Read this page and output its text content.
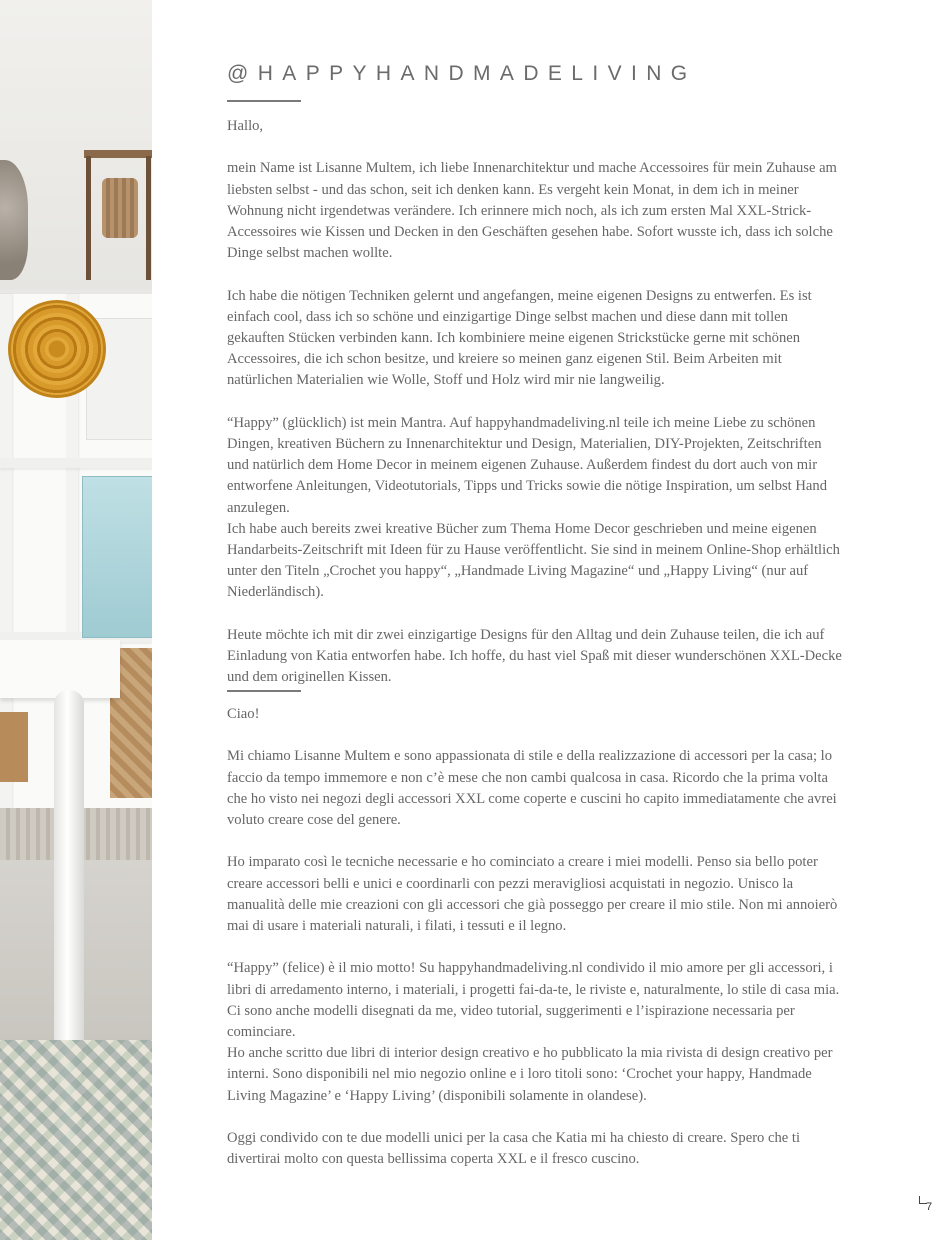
@HAPPYHANDMADELIVING

Hallo,

mein Name ist Lisanne Multem, ich liebe Innenarchitektur und mache Accessoires für mein Zuhause am liebsten selbst - und das schon, seit ich denken kann. Es vergeht kein Monat, in dem ich in meiner Wohnung nicht irgendetwas verändere. Ich erinnere mich noch, als ich zum ersten Mal XXL-Strick-Accessoires wie Kissen und Decken in den Geschäften gesehen habe. Sofort wusste ich, dass ich solche Dinge selbst machen wollte.

Ich habe die nötigen Techniken gelernt und angefangen, meine eigenen Designs zu entwerfen. Es ist einfach cool, dass ich so schöne und einzigartige Dinge selbst machen und diese dann mit tollen gekauften Stücken verbinden kann. Ich kombiniere meine eigenen Strickstücke gerne mit schönen Accessoires, die ich schon besitze, und kreiere so meinen ganz eigenen Stil. Beim Arbeiten mit natürlichen Materialien wie Wolle, Stoff und Holz wird mir nie langweilig.

“Happy” (glücklich) ist mein Mantra. Auf happyhandmadeliving.nl teile ich meine Liebe zu schönen Dingen, kreativen Büchern zu Innenarchitektur und Design, Materialien, DIY-Projekten, Zeitschriften und natürlich dem Home Decor in meinem eigenen Zuhause. Außerdem findest du dort auch von mir entworfene Anleitungen, Videotutorials, Tipps und Tricks sowie die nötige Inspiration, um selbst Hand anzulegen.

Ich habe auch bereits zwei kreative Bücher zum Thema Home Decor geschrieben und meine eigenen Handarbeits-Zeitschrift mit Ideen für zu Hause veröffentlicht. Sie sind in meinem Online-Shop erhältlich unter den Titeln „Crochet you happy“, „Handmade Living Magazine“ und „Happy Living“ (nur auf Niederländisch).

Heute möchte ich mit dir zwei einzigartige Designs für den Alltag und dein Zuhause teilen, die ich auf Einladung von Katia entworfen habe. Ich hoffe, du hast viel Spaß mit dieser wunderschönen XXL-Decke und dem originellen Kissen.

Ciao!

Mi chiamo Lisanne Multem e sono appassionata di stile e della realizzazione di accessori per la casa; lo faccio da tempo immemore e non c’è mese che non cambi qualcosa in casa. Ricordo che la prima volta che ho visto nei negozi degli accessori XXL come coperte e cuscini ho capito immediatamente che avrei voluto creare cose del genere.

Ho imparato così le tecniche necessarie e ho cominciato a creare i miei modelli. Penso sia bello poter creare accessori belli e unici e coordinarli con pezzi meravigliosi acquistati in negozio. Unisco la manualità delle mie creazioni con gli accessori che già posseggo per creare il mio stile. Non mi annoierò mai di usare i materiali naturali, i filati, i tessuti e il legno.

“Happy” (felice) è il mio motto! Su happyhandmadeliving.nl condivido il mio amore per gli accessori, i libri di arredamento interno, i materiali, i progetti fai-da-te, le riviste e, naturalmente, lo stile di casa mia. Ci sono anche modelli disegnati da me, video tutorial, suggerimenti e l’ispirazione necessaria per cominciare.

Ho anche scritto due libri di interior design creativo e ho pubblicato la mia rivista di design creativo per interni. Sono disponibili nel mio negozio online e i loro titoli sono: ‘Crochet your happy, Handmade Living Magazine’ e ‘Happy Living’ (disponibili solamente in olandese).

Oggi condivido con te due modelli unici per la casa che Katia mi ha chiesto di creare. Spero che ti divertirai molto con questa bellissima coperta XXL e il fresco cuscino.

7
